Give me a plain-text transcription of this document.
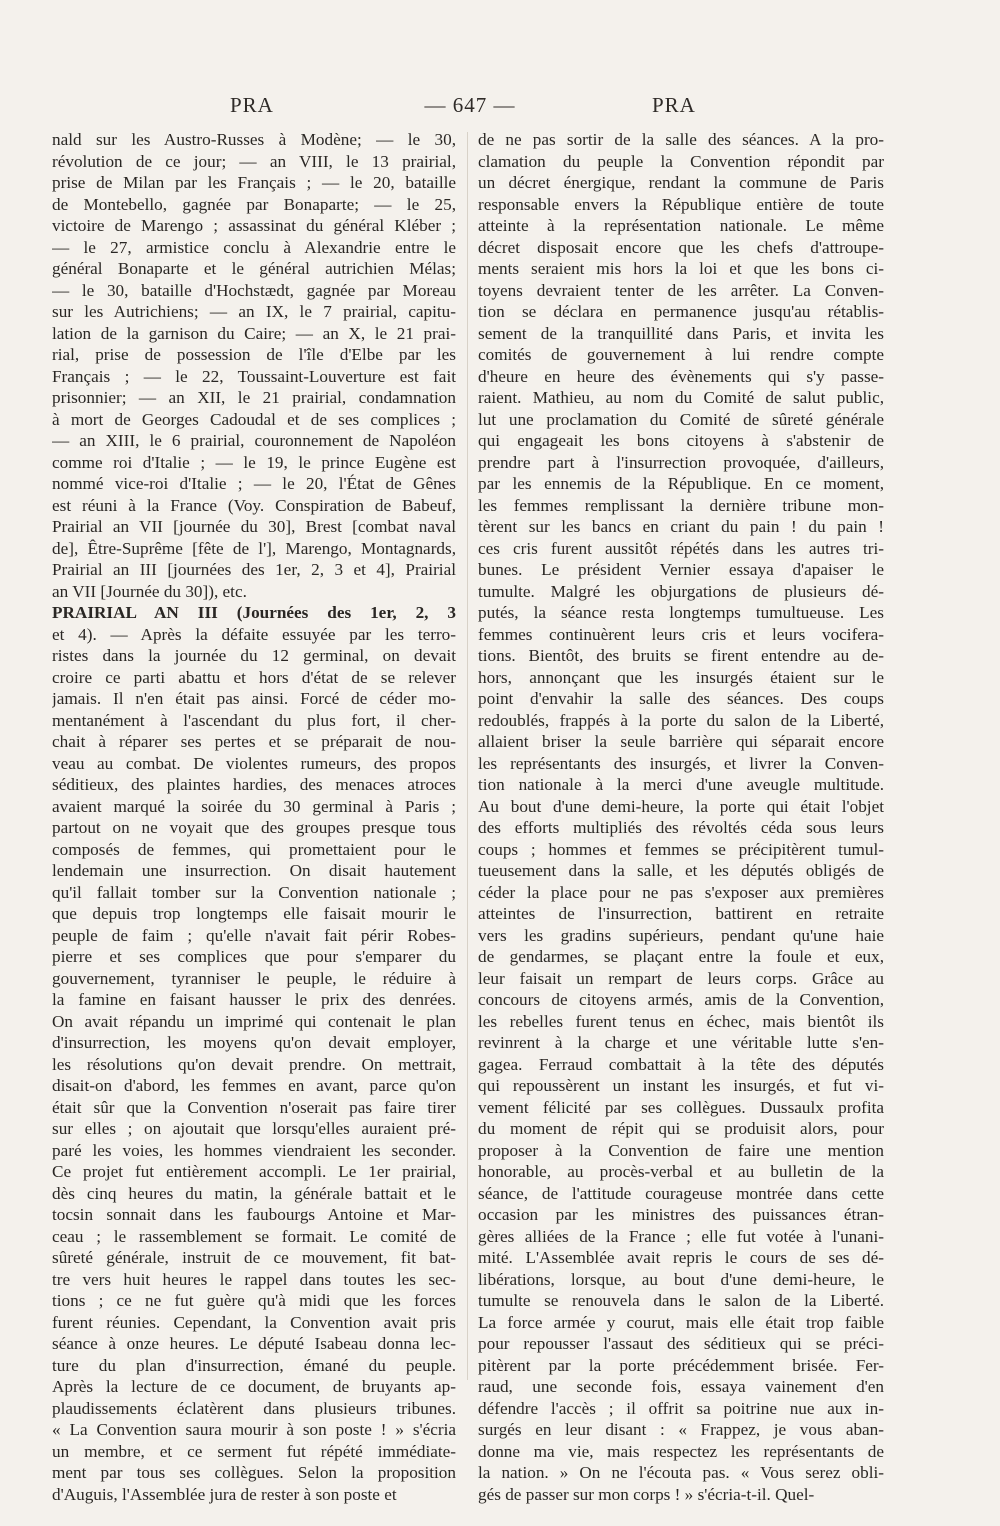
PRA	— 647 —	PRA
nald sur les Austro-Russes à Modène; — le 30,
révolution de ce jour; — an VIII, le 13 prairial,
prise de Milan par les Français ; — le 20, bataille
de Montebello, gagnée par Bonaparte; — le 25,
victoire de Marengo ; assassinat du général Kléber ;
— le 27, armistice conclu à Alexandrie entre le
général Bonaparte et le général autrichien Mélas;
— le 30, bataille d'Hochstædt, gagnée par Moreau
sur les Autrichiens; — an IX, le 7 prairial, capitu-
lation de la garnison du Caire; — an X, le 21 prai-
rial, prise de possession de l'île d'Elbe par les
Français ; — le 22, Toussaint-Louverture est fait
prisonnier; — an XII, le 21 prairial, condamnation
à mort de Georges Cadoudal et de ses complices ;
— an XIII, le 6 prairial, couronnement de Napoléon
comme roi d'Italie ; — le 19, le prince Eugène est
nommé vice-roi d'Italie ; — le 20, l'État de Gênes
est réuni à la France (Voy. Conspiration de Babeuf,
Prairial an VII [journée du 30], Brest [combat naval
de], Être-Suprême [fête de l'], Marengo, Montagnards,
Prairial an III [journées des 1er, 2, 3 et 4], Prairial
an VII [Journée du 30]), etc.
PRAIRIAL AN III (Journées des 1er, 2, 3
et 4). — Après la défaite essuyée par les terro-
ristes dans la journée du 12 germinal, on devait
croire ce parti abattu et hors d'état de se relever
jamais. Il n'en était pas ainsi. Forcé de céder mo-
mentanément à l'ascendant du plus fort, il cher-
chait à réparer ses pertes et se préparait de nou-
veau au combat. De violentes rumeurs, des propos
séditieux, des plaintes hardies, des menaces atroces
avaient marqué la soirée du 30 germinal à Paris ;
partout on ne voyait que des groupes presque tous
composés de femmes, qui promettaient pour le
lendemain une insurrection. On disait hautement
qu'il fallait tomber sur la Convention nationale ;
que depuis trop longtemps elle faisait mourir le
peuple de faim ; qu'elle n'avait fait périr Robes-
pierre et ses complices que pour s'emparer du
gouvernement, tyranniser le peuple, le réduire à
la famine en faisant hausser le prix des denrées.
On avait répandu un imprimé qui contenait le plan
d'insurrection, les moyens qu'on devait employer,
les résolutions qu'on devait prendre. On mettrait,
disait-on d'abord, les femmes en avant, parce qu'on
était sûr que la Convention n'oserait pas faire tirer
sur elles ; on ajoutait que lorsqu'elles auraient pré-
paré les voies, les hommes viendraient les seconder.
Ce projet fut entièrement accompli. Le 1er prairial,
dès cinq heures du matin, la générale battait et le
tocsin sonnait dans les faubourgs Antoine et Mar-
ceau ; le rassemblement se formait. Le comité de
sûreté générale, instruit de ce mouvement, fit bat-
tre vers huit heures le rappel dans toutes les sec-
tions ; ce ne fut guère qu'à midi que les forces
furent réunies. Cependant, la Convention avait pris
séance à onze heures. Le député Isabeau donna lec-
ture du plan d'insurrection, émané du peuple.
Après la lecture de ce document, de bruyants ap-
plaudissements éclatèrent dans plusieurs tribunes.
« La Convention saura mourir à son poste ! » s'écria
un membre, et ce serment fut répété immédiate-
ment par tous ses collègues. Selon la proposition
d'Auguis, l'Assemblée jura de rester à son poste et
de ne pas sortir de la salle des séances. A la pro-
clamation du peuple la Convention répondit par
un décret énergique, rendant la commune de Paris
responsable envers la République entière de toute
atteinte à la représentation nationale. Le même
décret disposait encore que les chefs d'attroupe-
ments seraient mis hors la loi et que les bons ci-
toyens devraient tenter de les arrêter. La Conven-
tion se déclara en permanence jusqu'au rétablis-
sement de la tranquillité dans Paris, et invita les
comités de gouvernement à lui rendre compte
d'heure en heure des évènements qui s'y passe-
raient. Mathieu, au nom du Comité de salut public,
lut une proclamation du Comité de sûreté générale
qui engageait les bons citoyens à s'abstenir de
prendre part à l'insurrection provoquée, d'ailleurs,
par les ennemis de la République. En ce moment,
les femmes remplissant la dernière tribune mon-
tèrent sur les bancs en criant du pain ! du pain !
ces cris furent aussitôt répétés dans les autres tri-
bunes. Le président Vernier essaya d'apaiser le
tumulte. Malgré les objurgations de plusieurs dé-
putés, la séance resta longtemps tumultueuse. Les
femmes continuèrent leurs cris et leurs vocifera-
tions. Bientôt, des bruits se firent entendre au de-
hors, annonçant que les insurgés étaient sur le
point d'envahir la salle des séances. Des coups
redoublés, frappés à la porte du salon de la Liberté,
allaient briser la seule barrière qui séparait encore
les représentants des insurgés, et livrer la Conven-
tion nationale à la merci d'une aveugle multitude.
Au bout d'une demi-heure, la porte qui était l'objet
des efforts multipliés des révoltés céda sous leurs
coups ; hommes et femmes se précipitèrent tumul-
tueusement dans la salle, et les députés obligés de
céder la place pour ne pas s'exposer aux premières
atteintes de l'insurrection, battirent en retraite
vers les gradins supérieurs, pendant qu'une haie
de gendarmes, se plaçant entre la foule et eux,
leur faisait un rempart de leurs corps. Grâce au
concours de citoyens armés, amis de la Convention,
les rebelles furent tenus en échec, mais bientôt ils
revinrent à la charge et une véritable lutte s'en-
gagea. Ferraud combattait à la tête des députés
qui repoussèrent un instant les insurgés, et fut vi-
vement félicité par ses collègues. Dussaulx profita
du moment de répit qui se produisit alors, pour
proposer à la Convention de faire une mention
honorable, au procès-verbal et au bulletin de la
séance, de l'attitude courageuse montrée dans cette
occasion par les ministres des puissances étran-
gères alliées de la France ; elle fut votée à l'unani-
mité. L'Assemblée avait repris le cours de ses dé-
libérations, lorsque, au bout d'une demi-heure, le
tumulte se renouvela dans le salon de la Liberté.
La force armée y courut, mais elle était trop faible
pour repousser l'assaut des séditieux qui se préci-
pitèrent par la porte précédemment brisée. Fer-
raud, une seconde fois, essaya vainement d'en
défendre l'accès ; il offrit sa poitrine nue aux in-
surgés en leur disant : « Frappez, je vous aban-
donne ma vie, mais respectez les représentants de
la nation. » On ne l'écouta pas. « Vous serez obli-
gés de passer sur mon corps ! » s'écria-t-il. Quel-
